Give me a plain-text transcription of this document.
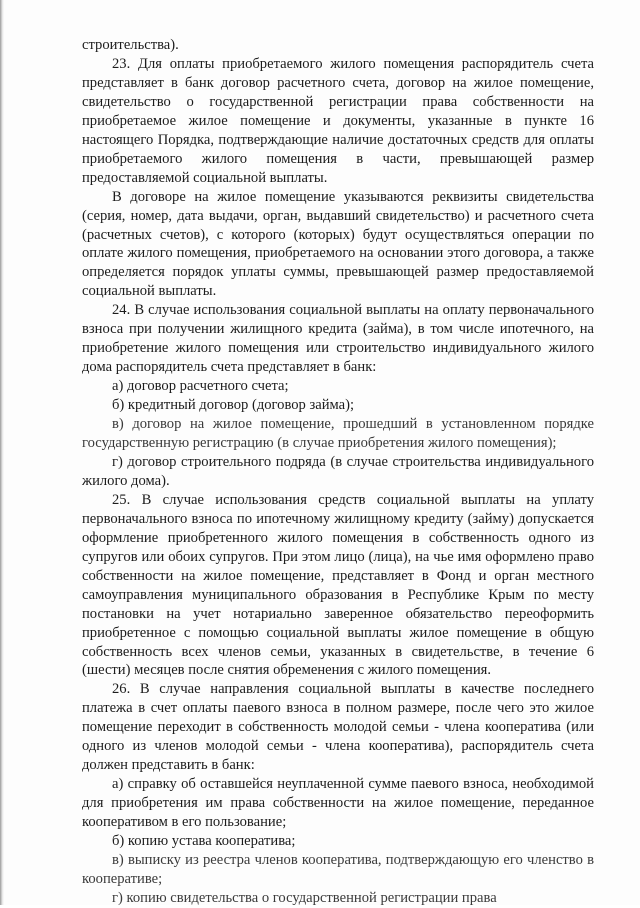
строительства).

23. Для оплаты приобретаемого жилого помещения распорядитель счета представляет в банк договор расчетного счета, договор на жилое помещение, свидетельство о государственной регистрации права собственности на приобретаемое жилое помещение и документы, указанные в пункте 16 настоящего Порядка, подтверждающие наличие достаточных средств для оплаты приобретаемого жилого помещения в части, превышающей размер предоставляемой социальной выплаты.

В договоре на жилое помещение указываются реквизиты свидетельства (серия, номер, дата выдачи, орган, выдавший свидетельство) и расчетного счета (расчетных счетов), с которого (которых) будут осуществляться операции по оплате жилого помещения, приобретаемого на основании этого договора, а также определяется порядок уплаты суммы, превышающей размер предоставляемой социальной выплаты.

24. В случае использования социальной выплаты на оплату первоначального взноса при получении жилищного кредита (займа), в том числе ипотечного, на приобретение жилого помещения или строительство индивидуального жилого дома распорядитель счета представляет в банк:

а) договор расчетного счета;

б) кредитный договор (договор займа);

в) договор на жилое помещение, прошедший в установленном порядке государственную регистрацию (в случае приобретения жилого помещения);

г) договор строительного подряда (в случае строительства индивидуального жилого дома).

25. В случае использования средств социальной выплаты на уплату первоначального взноса по ипотечному жилищному кредиту (займу) допускается оформление приобретенного жилого помещения в собственность одного из супругов или обоих супругов. При этом лицо (лица), на чье имя оформлено право собственности на жилое помещение, представляет в Фонд и орган местного самоуправления муниципального образования в Республике Крым по месту постановки на учет нотариально заверенное обязательство переоформить приобретенное с помощью социальной выплаты жилое помещение в общую собственность всех членов семьи, указанных в свидетельстве, в течение 6 (шести) месяцев после снятия обременения с жилого помещения.

26. В случае направления социальной выплаты в качестве последнего платежа в счет оплаты паевого взноса в полном размере, после чего это жилое помещение переходит в собственность молодой семьи - члена кооператива (или одного из членов молодой семьи - члена кооператива), распорядитель счета должен представить в банк:

а) справку об оставшейся неуплаченной сумме паевого взноса, необходимой для приобретения им права собственности на жилое помещение, переданное кооперативом в его пользование;

б) копию устава кооператива;

в) выписку из реестра членов кооператива, подтверждающую его членство в кооперативе;

г) копию свидетельства о государственной регистрации права
